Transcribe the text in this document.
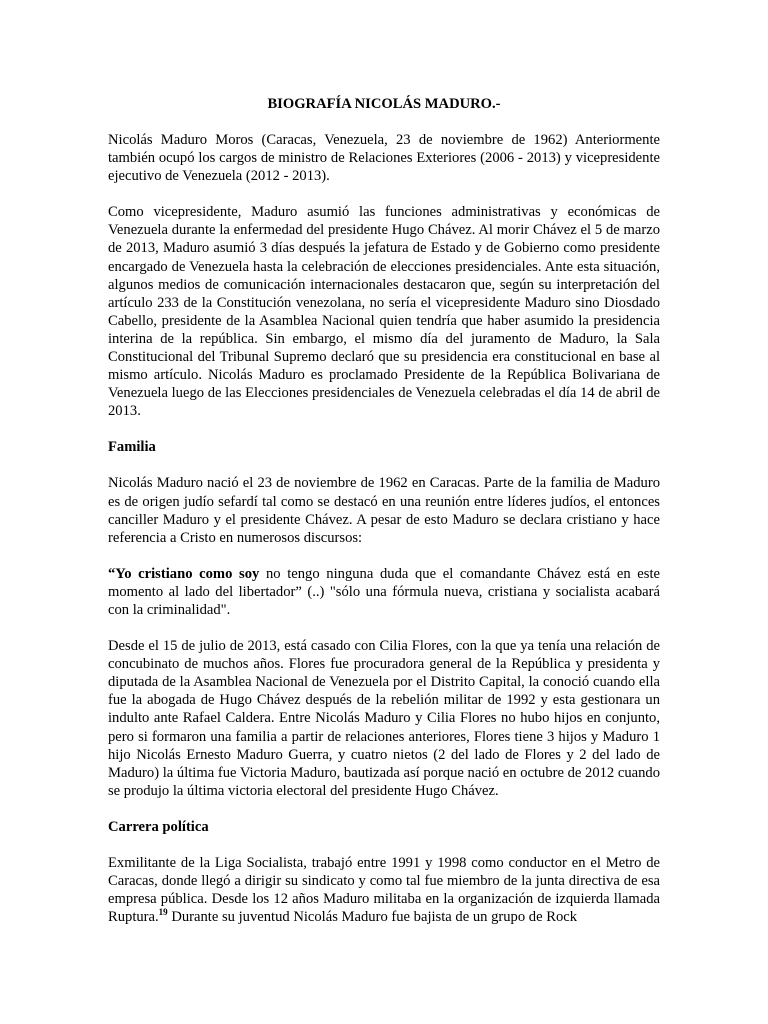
BIOGRAFÍA NICOLÁS MADURO.-

Nicolás Maduro Moros (Caracas, Venezuela, 23 de noviembre de 1962) Anteriormente también ocupó los cargos de ministro de Relaciones Exteriores (2006 - 2013) y vicepresidente ejecutivo de Venezuela (2012 - 2013).

Como vicepresidente, Maduro asumió las funciones administrativas y económicas de Venezuela durante la enfermedad del presidente Hugo Chávez. Al morir Chávez el 5 de marzo de 2013, Maduro asumió 3 días después la jefatura de Estado y de Gobierno como presidente encargado de Venezuela hasta la celebración de elecciones presidenciales. Ante esta situación, algunos medios de comunicación internacionales destacaron que, según su interpretación del artículo 233 de la Constitución venezolana, no sería el vicepresidente Maduro sino Diosdado Cabello, presidente de la Asamblea Nacional quien tendría que haber asumido la presidencia interina de la república. Sin embargo, el mismo día del juramento de Maduro, la Sala Constitucional del Tribunal Supremo declaró que su presidencia era constitucional en base al mismo artículo. Nicolás Maduro es proclamado Presidente de la República Bolivariana de Venezuela luego de las Elecciones presidenciales de Venezuela celebradas el día 14 de abril de 2013.

Familia

Nicolás Maduro nació el 23 de noviembre de 1962 en Caracas. Parte de la familia de Maduro es de origen judío sefardí tal como se destacó en una reunión entre líderes judíos, el entonces canciller Maduro y el presidente Chávez. A pesar de esto Maduro se declara cristiano y hace referencia a Cristo en numerosos discursos:

“Yo cristiano como soy no tengo ninguna duda que el comandante Chávez está en este momento al lado del libertador” (..) "sólo una fórmula nueva, cristiana y socialista acabará con la criminalidad".

Desde el 15 de julio de 2013, está casado con Cilia Flores, con la que ya tenía una relación de concubinato de muchos años. Flores fue procuradora general de la República y presidenta y diputada de la Asamblea Nacional de Venezuela por el Distrito Capital, la conoció cuando ella fue la abogada de Hugo Chávez después de la rebelión militar de 1992 y esta gestionara un indulto ante Rafael Caldera. Entre Nicolás Maduro y Cilia Flores no hubo hijos en conjunto, pero si formaron una familia a partir de relaciones anteriores, Flores tiene 3 hijos y Maduro 1 hijo Nicolás Ernesto Maduro Guerra, y cuatro nietos (2 del lado de Flores y 2 del lado de Maduro) la última fue Victoria Maduro, bautizada así porque nació en octubre de 2012 cuando se produjo la última victoria electoral del presidente Hugo Chávez.

Carrera política

Exmilitante de la Liga Socialista, trabajó entre 1991 y 1998 como conductor en el Metro de Caracas, donde llegó a dirigir su sindicato y como tal fue miembro de la junta directiva de esa empresa pública. Desde los 12 años Maduro militaba en la organización de izquierda llamada Ruptura.$^{19}$ Durante su juventud Nicolás Maduro fue bajista de un grupo de Rock
